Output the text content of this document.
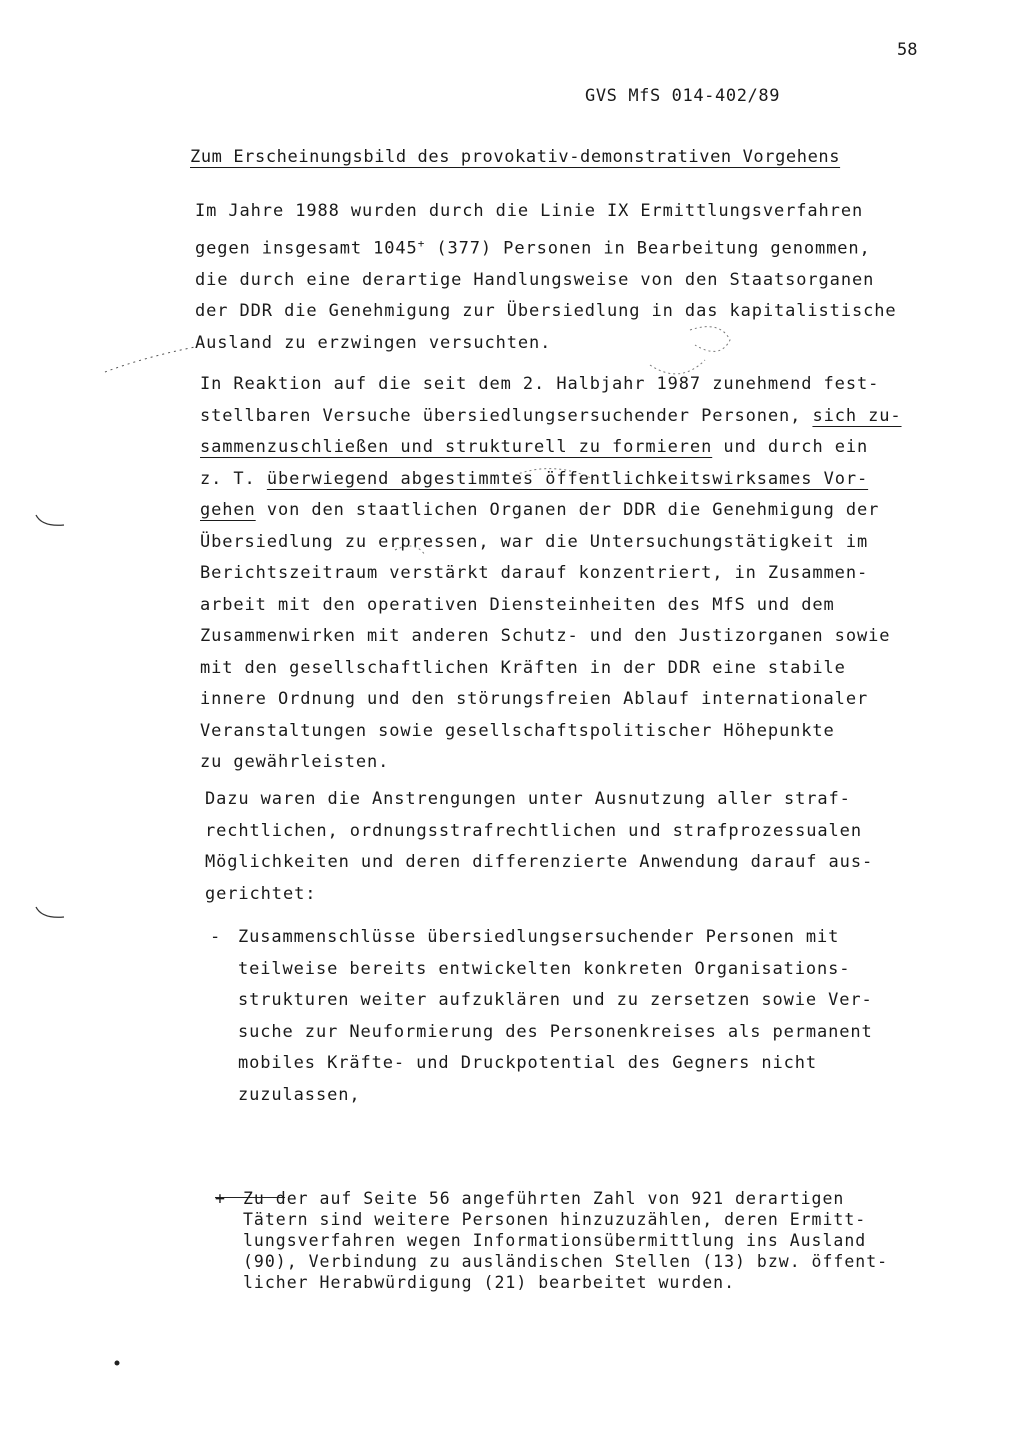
58
GVS MfS 014-402/89
Zum Erscheinungsbild des provokativ-demonstrativen Vorgehens
Im Jahre 1988 wurden durch die Linie IX Ermittlungsverfahren
gegen insgesamt 1045+ (377) Personen in Bearbeitung genommen,
die durch eine derartige Handlungsweise von den Staatsorganen
der DDR die Genehmigung zur Übersiedlung in das kapitalistische
Ausland zu erzwingen versuchten.
In Reaktion auf die seit dem 2. Halbjahr 1987 zunehmend fest-
stellbaren Versuche übersiedlungsersuchender Personen, sich zu-
sammenzuschließen und strukturell zu formieren und durch ein
z. T. überwiegend abgestimmtes öffentlichkeitswirksames Vor-
gehen von den staatlichen Organen der DDR die Genehmigung der
Übersiedlung zu erpressen, war die Untersuchungstätigkeit im
Berichtszeitraum verstärkt darauf konzentriert, in Zusammen-
arbeit mit den operativen Diensteinheiten des MfS und dem
Zusammenwirken mit anderen Schutz- und den Justizorganen sowie
mit den gesellschaftlichen Kräften in der DDR eine stabile
innere Ordnung und den störungsfreien Ablauf internationaler
Veranstaltungen sowie gesellschaftspolitischer Höhepunkte
zu gewährleisten.
Dazu waren die Anstrengungen unter Ausnutzung aller straf-
rechtlichen, ordnungsstrafrechtlichen und strafprozessualen
Möglichkeiten und deren differenzierte Anwendung darauf aus-
gerichtet:
- Zusammenschlüsse übersiedlungsersuchender Personen mit
teilweise bereits entwickelten konkreten Organisations-
strukturen weiter aufzuklären und zu zersetzen sowie Ver-
suche zur Neuformierung des Personenkreises als permanent
mobiles Kräfte- und Druckpotential des Gegners nicht
zuzulassen,
+ Zu der auf Seite 56 angeführten Zahl von 921 derartigen
Tätern sind weitere Personen hinzuzuzählen, deren Ermitt-
lungsverfahren wegen Informationsübermittlung ins Ausland
(90), Verbindung zu ausländischen Stellen (13) bzw. öffent-
licher Herabwürdigung (21) bearbeitet wurden.
